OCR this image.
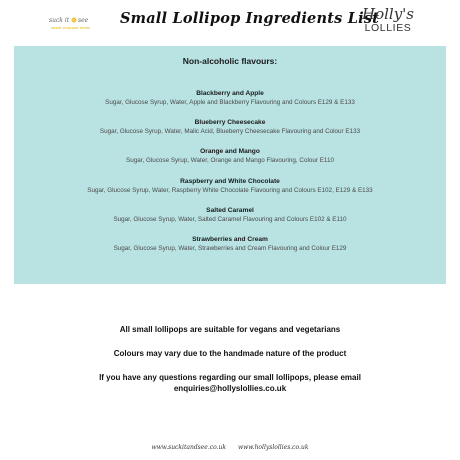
suck it see
sweet wrapped treats
Small Lollipop Ingredients List
Holly's
LOLLIES
Non-alcoholic flavours:
Blackberry and Apple
Sugar, Glucose Syrup, Water, Apple and Blackberry Flavouring and Colours E129 & E133
Blueberry Cheesecake
Sugar, Glucose Syrup, Water, Malic Acid, Blueberry Cheesecake Flavouring and Colour E133
Orange and Mango
Sugar, Glucose Syrup, Water, Orange and Mango Flavouring, Colour E110
Raspberry and White Chocolate
Sugar, Glucose Syrup, Water, Raspberry White Chocolate Flavouring and Colours E102, E129 & E133
Salted Caramel
Sugar, Glucose Syrup, Water, Salted Caramel Flavouring and Colours E102 & E110
Strawberries and Cream
Sugar, Glucose Syrup, Water, Strawberries and Cream Flavouring and Colour E129
All small lollipops are suitable for vegans and vegetarians
Colours may vary due to the handmade nature of the product
If you have any questions regarding our small lollipops, please email
enquiries@hollyslollies.co.uk
www.suckitandsee.co.uk www.hollyslollies.co.uk
